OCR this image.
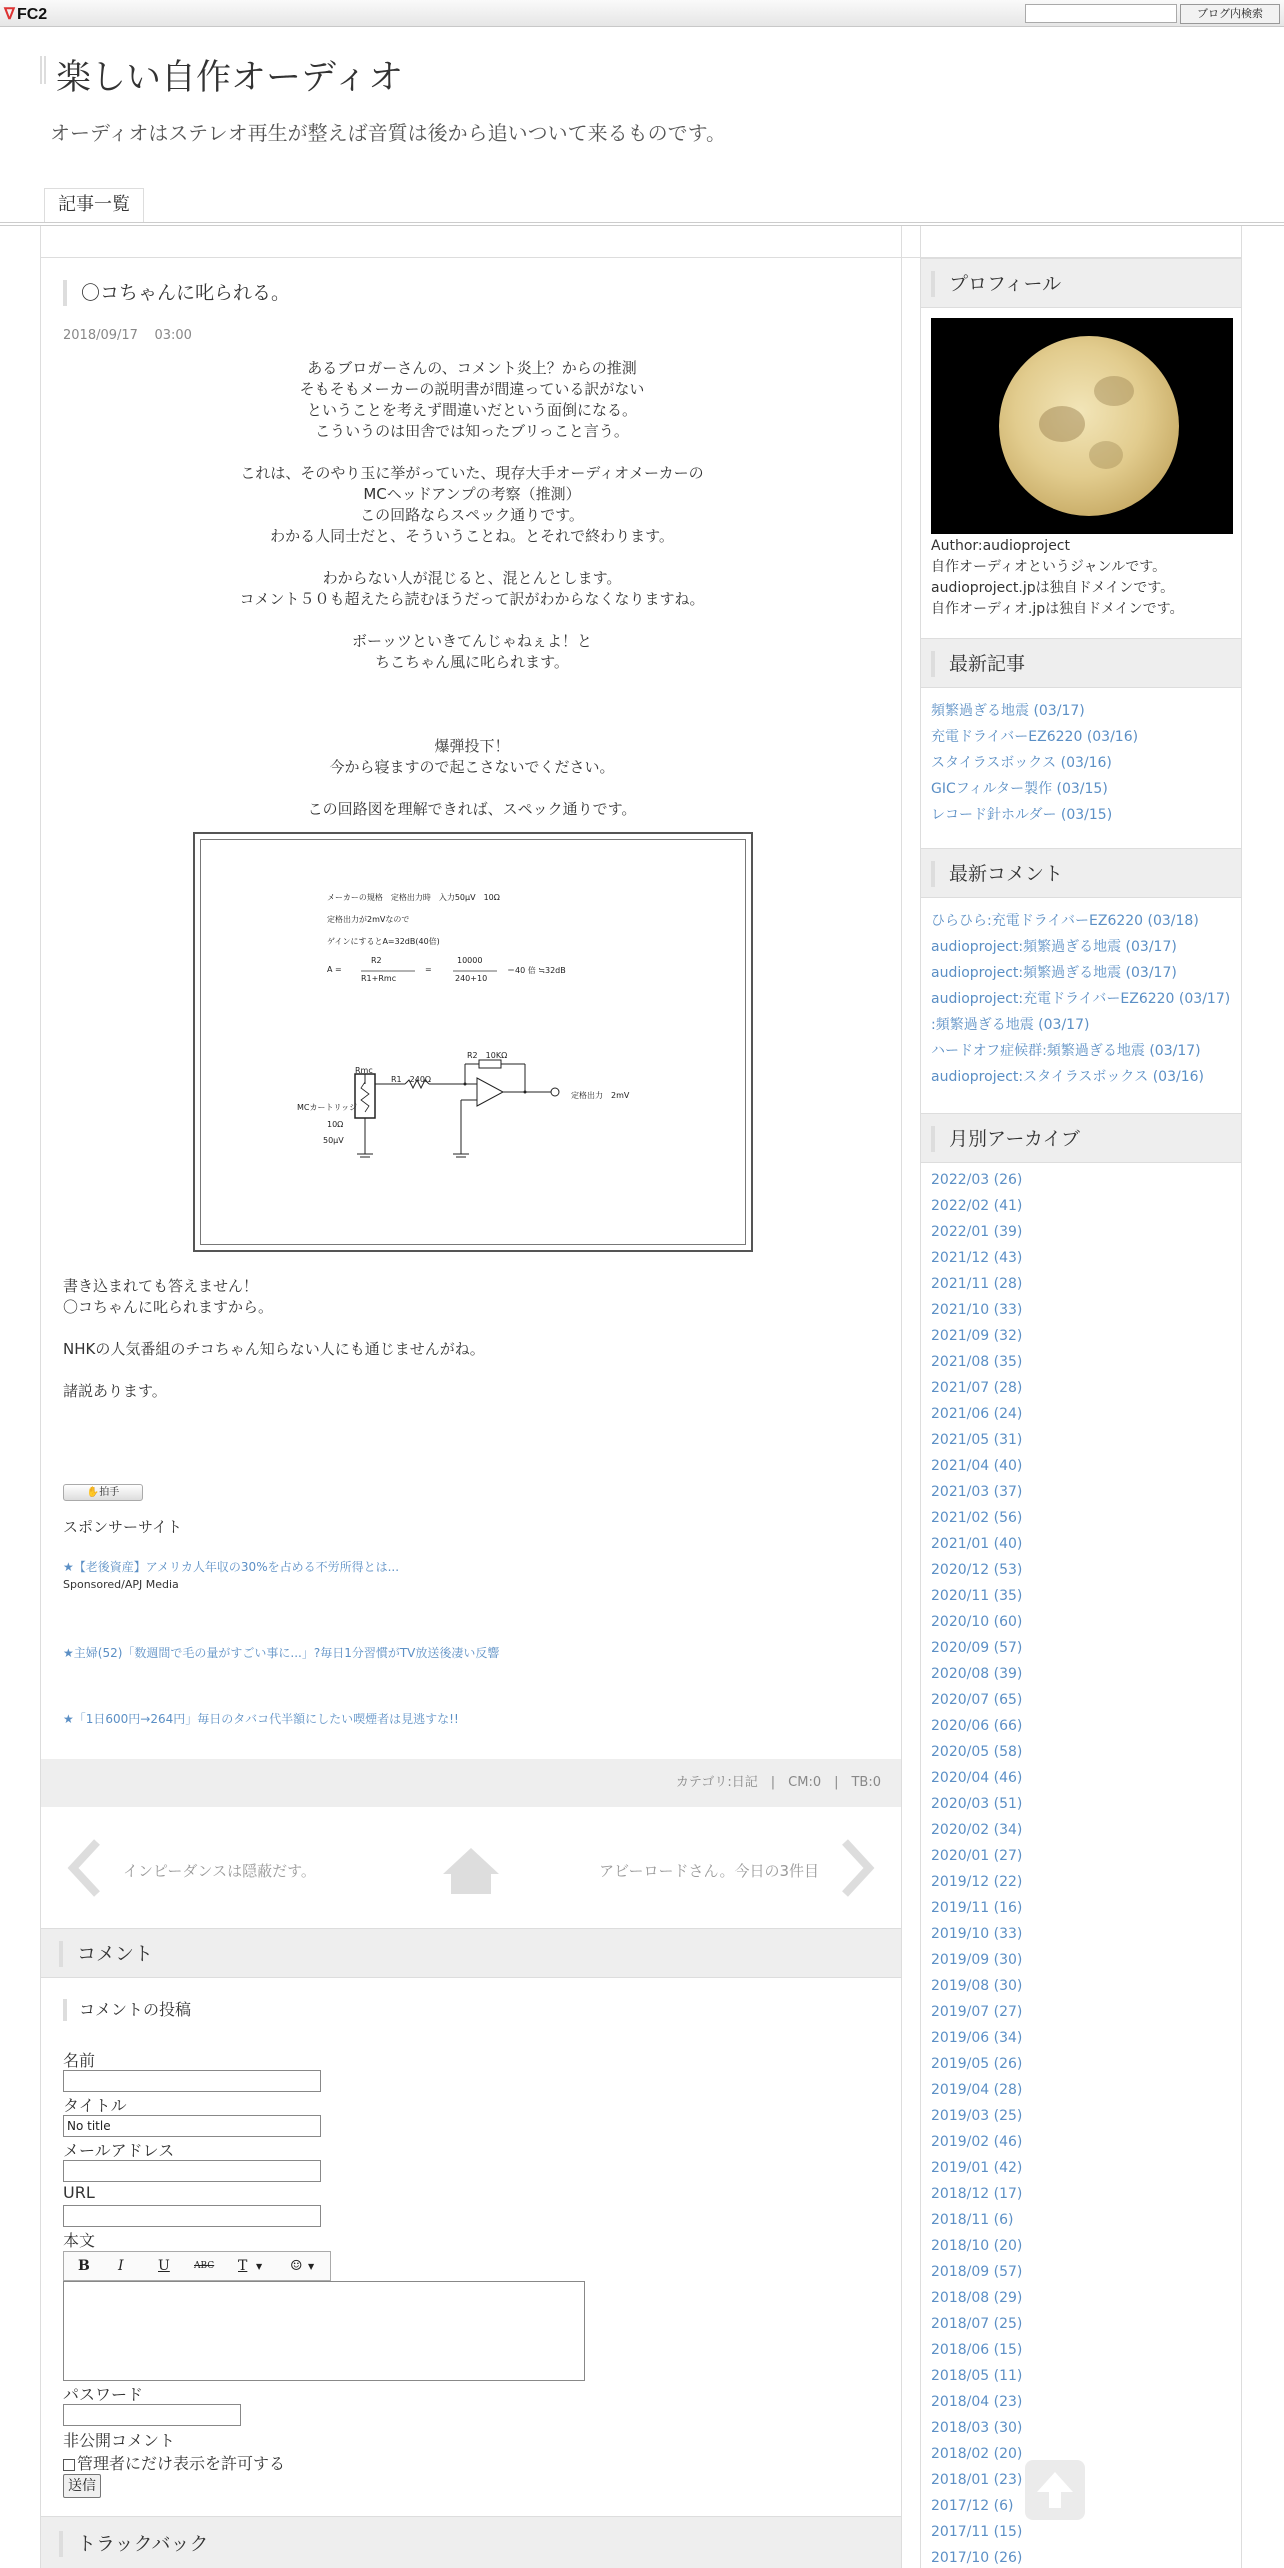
ᐁ FC2	ブログ内検索
楽しい自作オーディオ
オーディオはステレオ再生が整えば音質は後から追いついて来るものです。
記事一覧
〇コちゃんに叱られる。
2018/09/17 03:00
あるブロガーさんの、コメント炎上？からの推測
そもそもメーカーの説明書が間違っている訳がない
ということを考えず間違いだという面倒になる。
こういうのは田舎では知ったブリっこと言う。
これは、そのやり玉に挙がっていた、現存大手オーディオメーカーの
MCヘッドアンプの考察（推測）
この回路ならスペック通りです。
わかる人同士だと、そういうことね。とそれで終わります。
わからない人が混じると、混とんとします。
コメント５０も超えたら読むほうだって訳がわからなくなりますね。
ボーッツといきてんじゃねぇよ！と
ちこちゃん風に叱られます。
爆弾投下！
今から寝ますので起こさないでください。
この回路図を理解できれば、スペック通りです。
メーカーの規格　定格出力時　入力50μV　10Ω
定格出力が2mVなので
ゲインにするとA=32dB(40倍)
A =
R2
R1+Rmc
=
10000
240+10
＝40 倍 ≒32dB
Rmc
MCカートリッジ
10Ω
50μV
R1　240Ω
R2　10KΩ
定格出力　2mV
書き込まれても答えません！
〇コちゃんに叱られますから。
NHKの人気番組のチコちゃん知らない人にも通じませんがね。
諸説あります。
✋拍手
スポンサーサイト
★【老後資産】アメリカ人年収の30%を占める不労所得とは...
Sponsored/APJ Media
★主婦(52)「数週間で毛の量がすごい事に...」?毎日1分習慣がTV放送後凄い反響
★「1日600円→264円」毎日のタバコ代半額にしたい喫煙者は見逃すな!!
カテゴリ:日記　|　CM:0　|　TB:0
インピーダンスは隠蔽だす。	アビーロードさん。今日の3件目
コメント
コメントの投稿
名前
タイトル
No title
メールアドレス
URL
本文
B I U	ABC T ▼ ☺ ▼
パスワード
非公開コメント
管理者にだけ表示を許可する
送信
トラックバック
プロフィール
Author:audioproject
自作オーディオというジャンルです。
audioproject.jpは独自ドメインです。
自作オーディオ.jpは独自ドメインです。
最新記事
頻繁過ぎる地震 (03/17)
充電ドライバーEZ6220 (03/16)
スタイラスボックス (03/16)
GICフィルター製作 (03/15)
レコード針ホルダー (03/15)
最新コメント
ひらひら:充電ドライバーEZ6220 (03/18)
audioproject:頻繁過ぎる地震 (03/17)
audioproject:頻繁過ぎる地震 (03/17)
audioproject:充電ドライバーEZ6220 (03/17)
:頻繁過ぎる地震 (03/17)
ハードオフ症候群:頻繁過ぎる地震 (03/17)
audioproject:スタイラスボックス (03/16)
月別アーカイブ
2022/03 (26)
2022/02 (41)
2022/01 (39)
2021/12 (43)
2021/11 (28)
2021/10 (33)
2021/09 (32)
2021/08 (35)
2021/07 (28)
2021/06 (24)
2021/05 (31)
2021/04 (40)
2021/03 (37)
2021/02 (56)
2021/01 (40)
2020/12 (53)
2020/11 (35)
2020/10 (60)
2020/09 (57)
2020/08 (39)
2020/07 (65)
2020/06 (66)
2020/05 (58)
2020/04 (46)
2020/03 (51)
2020/02 (34)
2020/01 (27)
2019/12 (22)
2019/11 (16)
2019/10 (33)
2019/09 (30)
2019/08 (30)
2019/07 (27)
2019/06 (34)
2019/05 (26)
2019/04 (28)
2019/03 (25)
2019/02 (46)
2019/01 (42)
2018/12 (17)
2018/11 (6)
2018/10 (20)
2018/09 (57)
2018/08 (29)
2018/07 (25)
2018/06 (15)
2018/05 (11)
2018/04 (23)
2018/03 (30)
2018/02 (20)
2018/01 (23)
2017/12 (6)
2017/11 (15)
2017/10 (26)
